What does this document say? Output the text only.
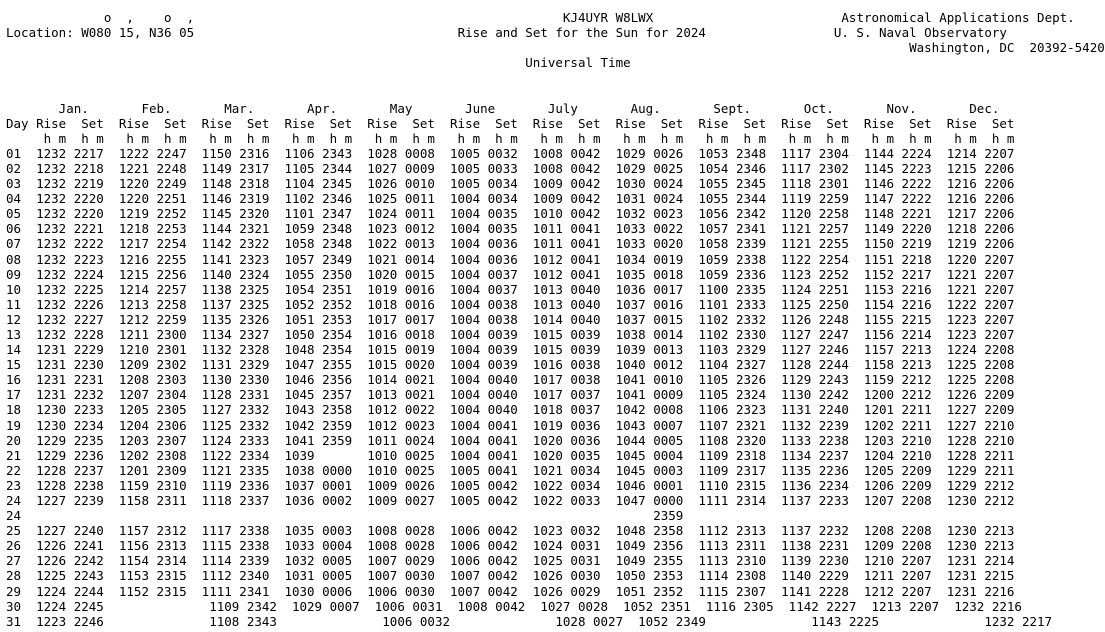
o  ,    o  ,	KJ4UYR W8LWX	Astronomical Applications Dept.
Location: W080 15, N36 05	Rise and Set for the Sun for 2024	U. S. Naval Observatory
Washington, DC  20392-5420
Universal Time

Jan.       Feb.       Mar.       Apr.       May       June       July       Aug.       Sept.       Oct.       Nov.       Dec.
Day Rise  Set  Rise  Set  Rise  Set  Rise  Set  Rise  Set  Rise  Set  Rise  Set  Rise  Set  Rise  Set  Rise  Set  Rise  Set  Rise  Set
h m  h m   h m  h m   h m  h m   h m  h m   h m  h m   h m  h m   h m  h m   h m  h m   h m  h m   h m  h m   h m  h m   h m  h m
01  1232 2217  1222 2247  1150 2316  1106 2343  1028 0008  1005 0032  1008 0042  1029 0026  1053 2348  1117 2304  1144 2224  1214 2207
02  1232 2218  1221 2248  1149 2317  1105 2344  1027 0009  1005 0033  1008 0042  1029 0025  1054 2346  1117 2302  1145 2223  1215 2206
03  1232 2219  1220 2249  1148 2318  1104 2345  1026 0010  1005 0034  1009 0042  1030 0024  1055 2345  1118 2301  1146 2222  1216 2206
04  1232 2220  1220 2251  1146 2319  1102 2346  1025 0011  1004 0034  1009 0042  1031 0024  1055 2344  1119 2259  1147 2222  1216 2206
05  1232 2220  1219 2252  1145 2320  1101 2347  1024 0011  1004 0035  1010 0042  1032 0023  1056 2342  1120 2258  1148 2221  1217 2206
06  1232 2221  1218 2253  1144 2321  1059 2348  1023 0012  1004 0035  1011 0041  1033 0022  1057 2341  1121 2257  1149 2220  1218 2206
07  1232 2222  1217 2254  1142 2322  1058 2348  1022 0013  1004 0036  1011 0041  1033 0020  1058 2339  1121 2255  1150 2219  1219 2206
08  1232 2223  1216 2255  1141 2323  1057 2349  1021 0014  1004 0036  1012 0041  1034 0019  1059 2338  1122 2254  1151 2218  1220 2207
09  1232 2224  1215 2256  1140 2324  1055 2350  1020 0015  1004 0037  1012 0041  1035 0018  1059 2336  1123 2252  1152 2217  1221 2207
10  1232 2225  1214 2257  1138 2325  1054 2351  1019 0016  1004 0037  1013 0040  1036 0017  1100 2335  1124 2251  1153 2216  1221 2207
11  1232 2226  1213 2258  1137 2325  1052 2352  1018 0016  1004 0038  1013 0040  1037 0016  1101 2333  1125 2250  1154 2216  1222 2207
12  1232 2227  1212 2259  1135 2326  1051 2353  1017 0017  1004 0038  1014 0040  1037 0015  1102 2332  1126 2248  1155 2215  1223 2207
13  1232 2228  1211 2300  1134 2327  1050 2354  1016 0018  1004 0039  1015 0039  1038 0014  1102 2330  1127 2247  1156 2214  1223 2207
14  1231 2229  1210 2301  1132 2328  1048 2354  1015 0019  1004 0039  1015 0039  1039 0013  1103 2329  1127 2246  1157 2213  1224 2208
15  1231 2230  1209 2302  1131 2329  1047 2355  1015 0020  1004 0039  1016 0038  1040 0012  1104 2327  1128 2244  1158 2213  1225 2208
16  1231 2231  1208 2303  1130 2330  1046 2356  1014 0021  1004 0040  1017 0038  1041 0010  1105 2326  1129 2243  1159 2212  1225 2208
17  1231 2232  1207 2304  1128 2331  1045 2357  1013 0021  1004 0040  1017 0037  1041 0009  1105 2324  1130 2242  1200 2212  1226 2209
18  1230 2233  1205 2305  1127 2332  1043 2358  1012 0022  1004 0040  1018 0037  1042 0008  1106 2323  1131 2240  1201 2211  1227 2209
19  1230 2234  1204 2306  1125 2332  1042 2359  1012 0023  1004 0041  1019 0036  1043 0007  1107 2321  1132 2239  1202 2211  1227 2210
20  1229 2235  1203 2307  1124 2333  1041 2359  1011 0024  1004 0041  1020 0036  1044 0005  1108 2320  1133 2238  1203 2210  1228 2210
21  1229 2236  1202 2308  1122 2334  1039       1010 0025  1004 0041  1020 0035  1045 0004  1109 2318  1134 2237  1204 2210  1228 2211
22  1228 2237  1201 2309  1121 2335  1038 0000  1010 0025  1005 0041  1021 0034  1045 0003  1109 2317  1135 2236  1205 2209  1229 2211
23  1228 2238  1159 2310  1119 2336  1037 0001  1009 0026  1005 0042  1022 0034  1046 0001  1110 2315  1136 2234  1206 2209  1229 2212
24  1227 2239  1158 2311  1118 2337  1036 0002  1009 0027  1005 0042  1022 0033  1047 0000  1111 2314  1137 2233  1207 2208  1230 2212
24                                                                                    2359
25  1227 2240  1157 2312  1117 2338  1035 0003  1008 0028  1006 0042  1023 0032  1048 2358  1112 2313  1137 2232  1208 2208  1230 2213
26  1226 2241  1156 2313  1115 2338  1033 0004  1008 0028  1006 0042  1024 0031  1049 2356  1113 2311  1138 2231  1209 2208  1230 2213
27  1226 2242  1154 2314  1114 2339  1032 0005  1007 0029  1006 0042  1025 0031  1049 2355  1113 2310  1139 2230  1210 2207  1231 2214
28  1225 2243  1153 2315  1112 2340  1031 0005  1007 0030  1007 0042  1026 0030  1050 2353  1114 2308  1140 2229  1211 2207  1231 2215
29  1224 2244  1152 2315  1111 2341  1030 0006  1006 0030  1007 0042  1026 0029  1051 2352  1115 2307  1141 2228  1212 2207  1231 2216
30  1224 2245              1109 2342  1029 0007  1006 0031  1008 0042  1027 0028  1052 2351  1116 2305  1142 2227  1213 2207  1232 2216
31  1223 2246              1108 2343              1006 0032              1028 0027  1052 2349              1143 2225              1232 2217
